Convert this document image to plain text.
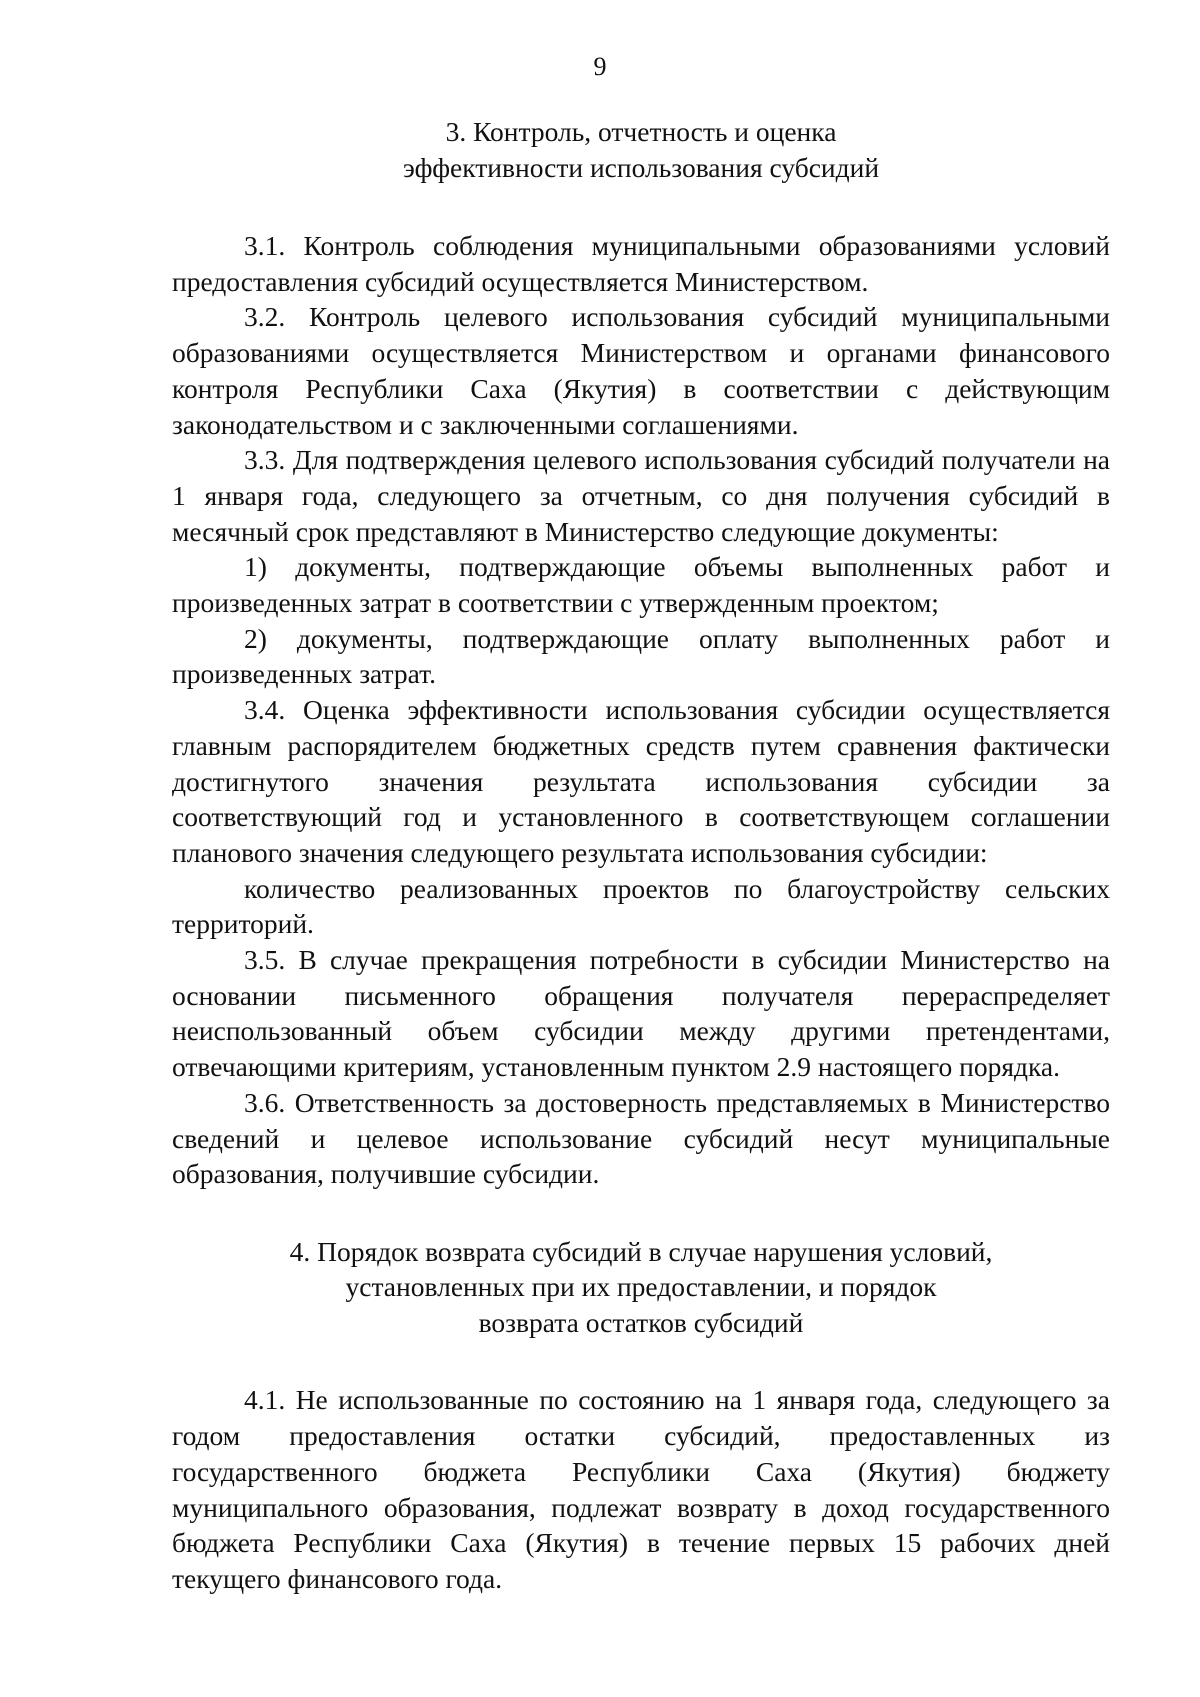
9

3. Контроль, отчетность и оценка
эффективности использования субсидий

3.1. Контроль соблюдения муниципальными образованиями условий предоставления субсидий осуществляется Министерством.

3.2. Контроль целевого использования субсидий муниципальными образованиями осуществляется Министерством и органами финансового контроля Республики Саха (Якутия) в соответствии с действующим законодательством и с заключенными соглашениями.

3.3. Для подтверждения целевого использования субсидий получатели на 1 января года, следующего за отчетным, со дня получения субсидий в месячный срок представляют в Министерство следующие документы:

1) документы, подтверждающие объемы выполненных работ и произведенных затрат в соответствии с утвержденным проектом;

2) документы, подтверждающие оплату выполненных работ и произведенных затрат.

3.4. Оценка эффективности использования субсидии осуществляется главным распорядителем бюджетных средств путем сравнения фактически достигнутого значения результата использования субсидии за соответствующий год и установленного в соответствующем соглашении планового значения следующего результата использования субсидии:

количество реализованных проектов по благоустройству сельских территорий.

3.5. В случае прекращения потребности в субсидии Министерство на основании письменного обращения получателя перераспределяет неиспользованный объем субсидии между другими претендентами, отвечающими критериям, установленным пунктом 2.9 настоящего порядка.

3.6. Ответственность за достоверность представляемых в Министерство сведений и целевое использование субсидий несут муниципальные образования, получившие субсидии.

4. Порядок возврата субсидий в случае нарушения условий,
установленных при их предоставлении, и порядок
возврата остатков субсидий

4.1. Не использованные по состоянию на 1 января года, следующего за годом предоставления остатки субсидий, предоставленных из государственного бюджета Республики Саха (Якутия) бюджету муниципального образования, подлежат возврату в доход государственного бюджета Республики Саха (Якутия) в течение первых 15 рабочих дней текущего финансового года.
